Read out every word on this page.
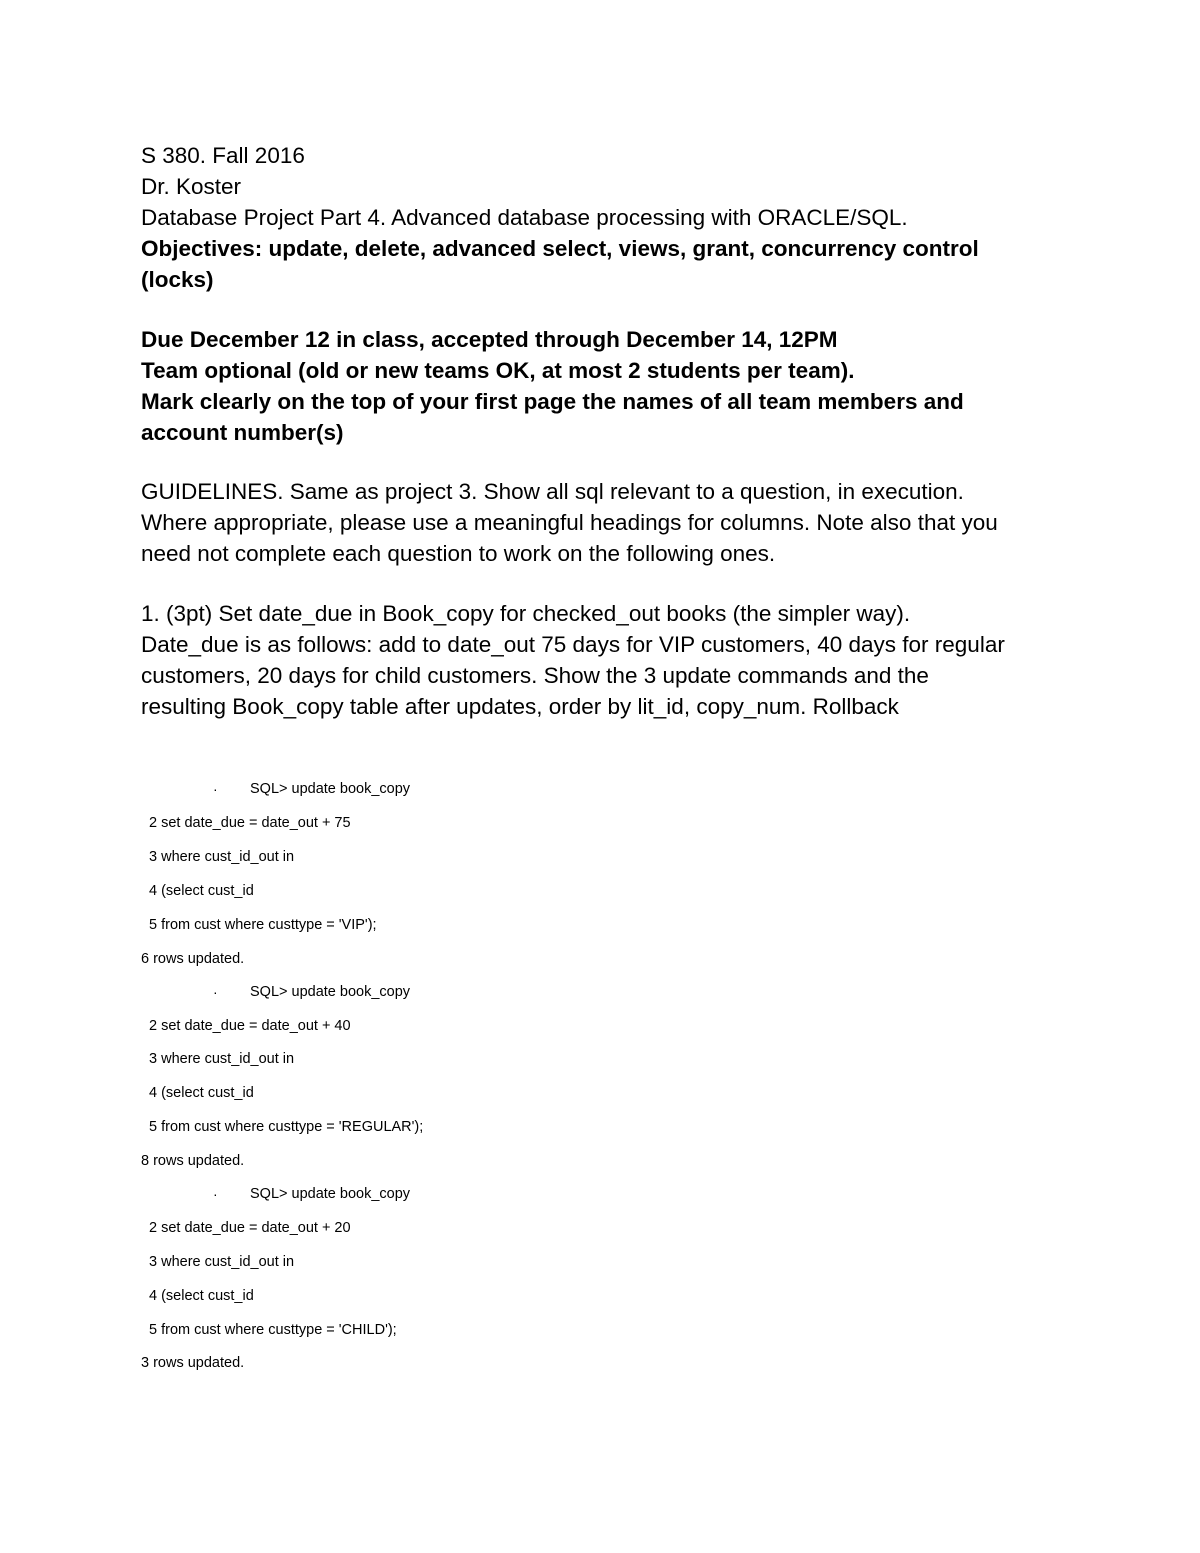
S 380. Fall 2016
Dr. Koster
Database Project Part 4. Advanced database processing with ORACLE/SQL.
Objectives: update, delete, advanced select, views, grant, concurrency control
(locks)
Due December 12 in class, accepted through December 14, 12PM
Team optional (old or new teams OK, at most 2 students per team).
Mark clearly on the top of your first page the names of all team members and
account number(s)
GUIDELINES. Same as project 3. Show all sql relevant to a question, in execution.
Where appropriate, please use a meaningful headings for columns. Note also that you
need not complete each question to work on the following ones.
1. (3pt) Set date_due in Book_copy for checked_out books (the simpler way).
Date_due is as follows: add to date_out 75 days for VIP customers, 40 days for regular
customers, 20 days for child customers. Show the 3 update commands and the
resulting Book_copy table after updates, order by lit_id, copy_num. Rollback
· SQL> update book_copy
2 set date_due = date_out + 75
3 where cust_id_out in
4 (select cust_id
5 from cust where custtype = 'VIP');
6 rows updated.
· SQL> update book_copy
2 set date_due = date_out + 40
3 where cust_id_out in
4 (select cust_id
5 from cust where custtype = 'REGULAR');
8 rows updated.
· SQL> update book_copy
2 set date_due = date_out + 20
3 where cust_id_out in
4 (select cust_id
5 from cust where custtype = 'CHILD');
3 rows updated.
